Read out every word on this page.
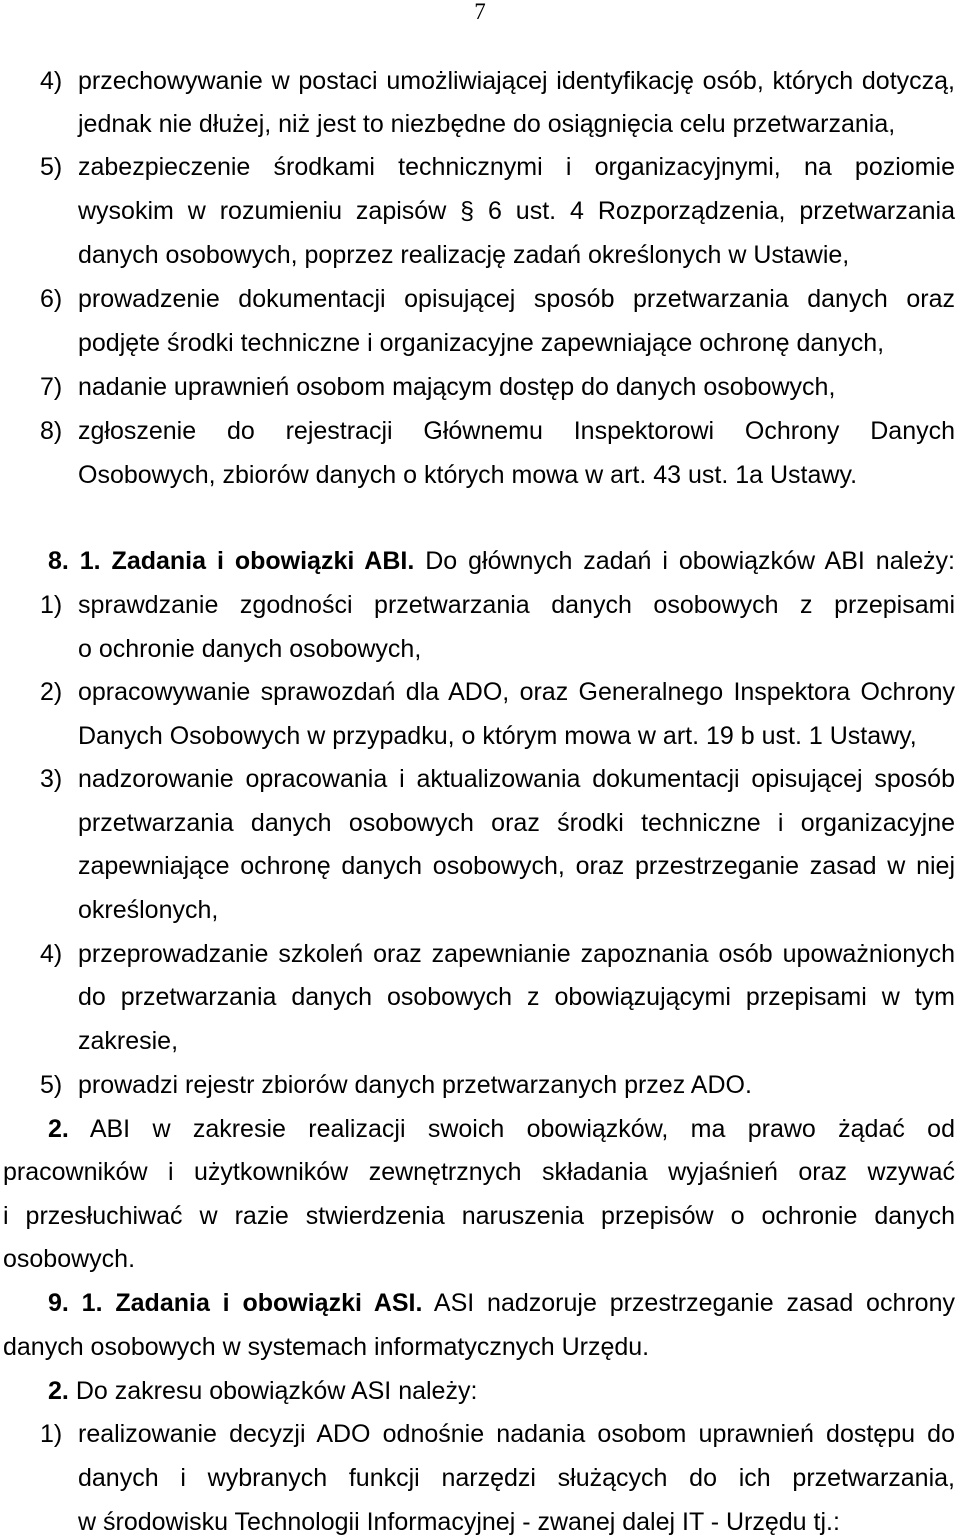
7
4) przechowywanie w postaci umożliwiającej identyfikację osób, których dotyczą,
jednak nie dłużej, niż jest to niezbędne do osiągnięcia celu przetwarzania,
5) zabezpieczenie środkami technicznymi i organizacyjnymi, na poziomie
wysokim w rozumieniu zapisów § 6 ust. 4 Rozporządzenia, przetwarzania
danych osobowych, poprzez realizację zadań określonych w Ustawie,
6) prowadzenie dokumentacji opisującej sposób przetwarzania danych oraz
podjęte środki techniczne i organizacyjne zapewniające ochronę danych,
7) nadanie uprawnień osobom mającym dostęp do danych osobowych,
8) zgłoszenie do rejestracji Głównemu Inspektorowi Ochrony Danych
Osobowych, zbiorów danych o których mowa w art. 43 ust. 1a Ustawy.
8. 1. Zadania i obowiązki ABI. Do głównych zadań i obowiązków ABI należy:
1) sprawdzanie zgodności przetwarzania danych osobowych z przepisami
o ochronie danych osobowych,
2) opracowywanie sprawozdań dla ADO, oraz Generalnego Inspektora Ochrony
Danych Osobowych w przypadku, o którym mowa w art. 19 b ust. 1 Ustawy,
3) nadzorowanie opracowania i aktualizowania dokumentacji opisującej sposób
przetwarzania danych osobowych oraz środki techniczne i organizacyjne
zapewniające ochronę danych osobowych, oraz przestrzeganie zasad w niej
określonych,
4) przeprowadzanie szkoleń oraz zapewnianie zapoznania osób upoważnionych
do przetwarzania danych osobowych z obowiązującymi przepisami w tym
zakresie,
5) prowadzi rejestr zbiorów danych przetwarzanych przez ADO.
2. ABI w zakresie realizacji swoich obowiązków, ma prawo żądać od
pracowników i użytkowników zewnętrznych składania wyjaśnień oraz wzywać
i przesłuchiwać w razie stwierdzenia naruszenia przepisów o ochronie danych
osobowych.
9. 1. Zadania i obowiązki ASI. ASI nadzoruje przestrzeganie zasad ochrony
danych osobowych w systemach informatycznych Urzędu.
2. Do zakresu obowiązków ASI należy:
1) realizowanie decyzji ADO odnośnie nadania osobom uprawnień dostępu do
danych i wybranych funkcji narzędzi służących do ich przetwarzania,
w środowisku Technologii Informacyjnej - zwanej dalej IT - Urzędu tj.:
